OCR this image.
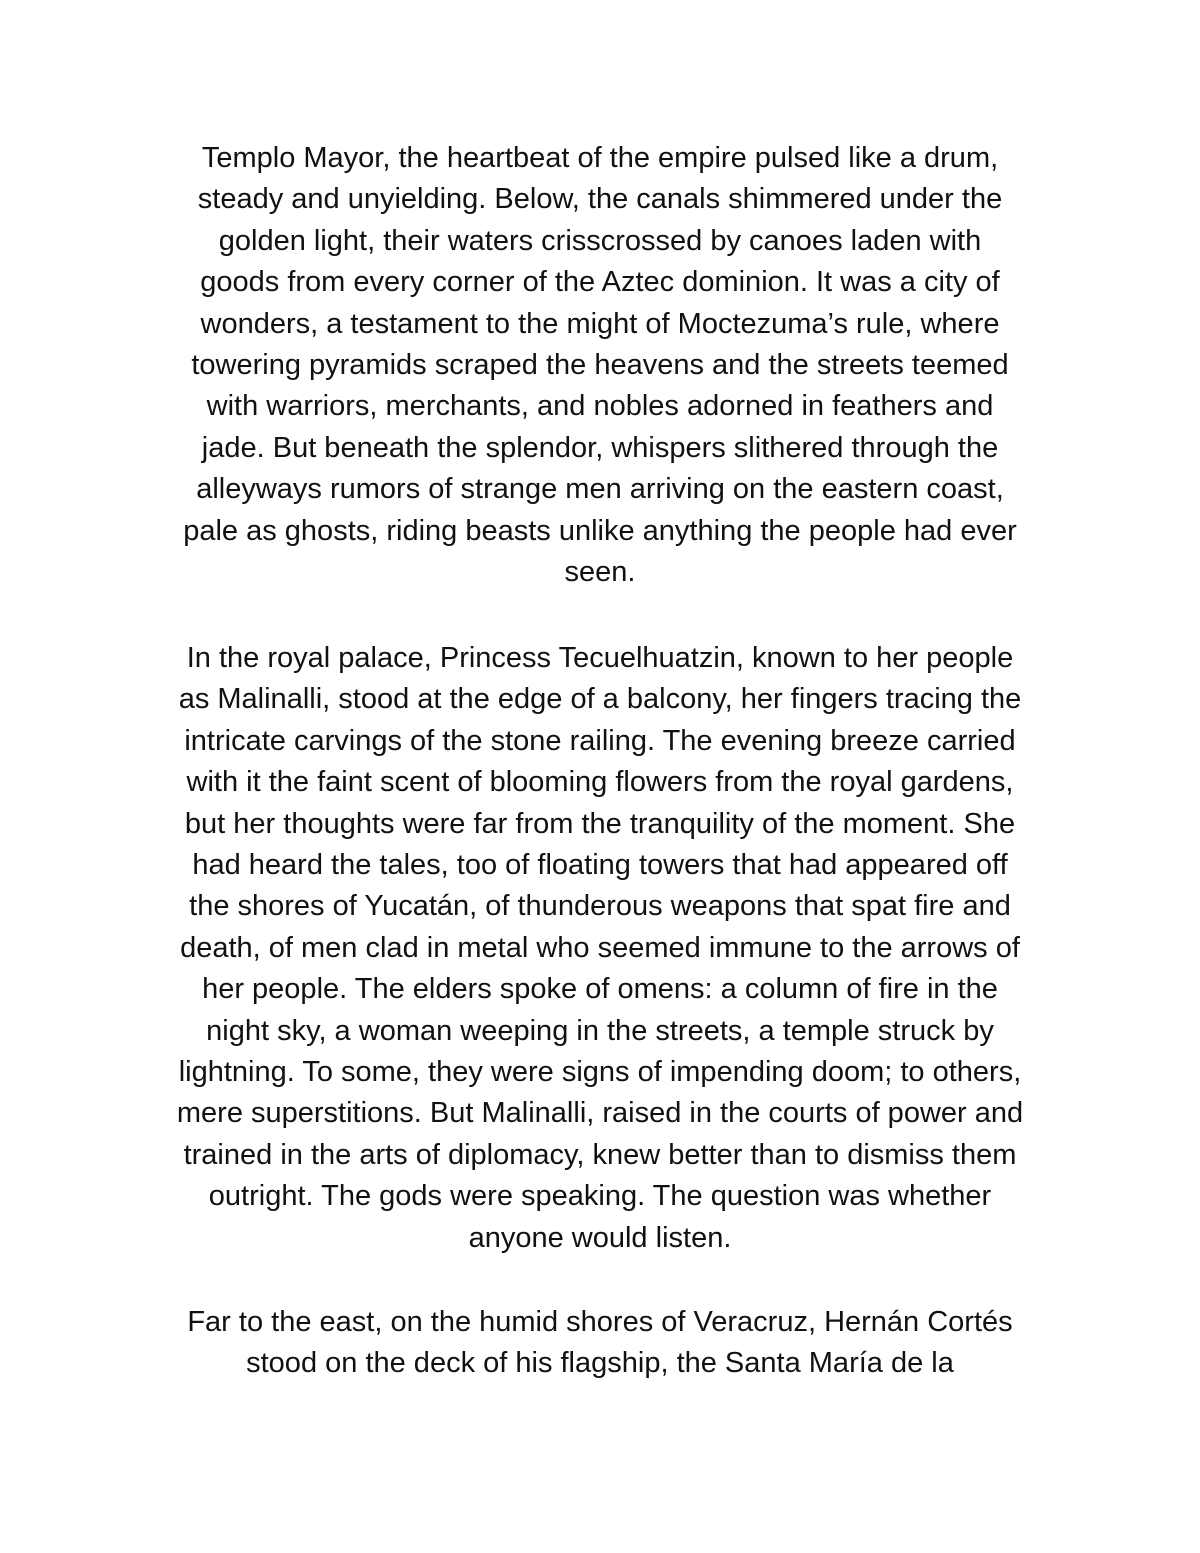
Templo Mayor, the heartbeat of the empire pulsed like a drum,
steady and unyielding. Below, the canals shimmered under the
golden light, their waters crisscrossed by canoes laden with
goods from every corner of the Aztec dominion. It was a city of
wonders, a testament to the might of Moctezuma’s rule, where
towering pyramids scraped the heavens and the streets teemed
with warriors, merchants, and nobles adorned in feathers and
jade. But beneath the splendor, whispers slithered through the
alleyways rumors of strange men arriving on the eastern coast,
pale as ghosts, riding beasts unlike anything the people had ever
seen.
In the royal palace, Princess Tecuelhuatzin, known to her people
as Malinalli, stood at the edge of a balcony, her fingers tracing the
intricate carvings of the stone railing. The evening breeze carried
with it the faint scent of blooming flowers from the royal gardens,
but her thoughts were far from the tranquility of the moment. She
had heard the tales, too of floating towers that had appeared off
the shores of Yucatán, of thunderous weapons that spat fire and
death, of men clad in metal who seemed immune to the arrows of
her people. The elders spoke of omens: a column of fire in the
night sky, a woman weeping in the streets, a temple struck by
lightning. To some, they were signs of impending doom; to others,
mere superstitions. But Malinalli, raised in the courts of power and
trained in the arts of diplomacy, knew better than to dismiss them
outright. The gods were speaking. The question was whether
anyone would listen.
Far to the east, on the humid shores of Veracruz, Hernán Cortés
stood on the deck of his flagship, the Santa María de la
